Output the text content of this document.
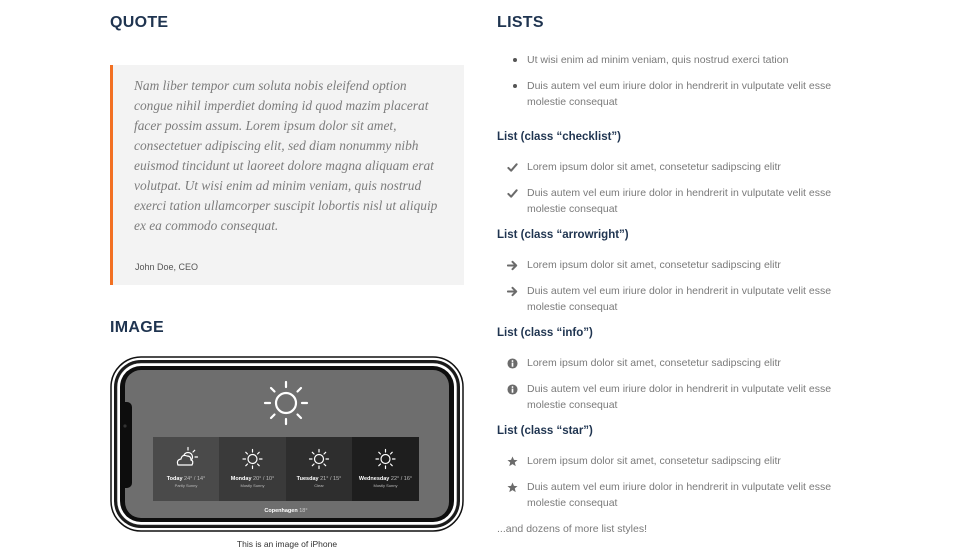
QUOTE

Nam liber tempor cum soluta nobis eleifend option congue nihil imperdiet doming id quod mazim placerat facer possim assum. Lorem ipsum dolor sit amet, consectetuer adipiscing elit, sed diam nonummy nibh euismod tincidunt ut laoreet dolore magna aliquam erat volutpat. Ut wisi enim ad minim veniam, quis nostrud exerci tation ullamcorper suscipit lobortis nisl ut aliquip ex ea commodo consequat.

John Doe, CEO
IMAGE
Today 24° / 14°
Partly Sunny
Monday 20° / 10°
Mostly Sunny
Tuesday 21° / 15°
Clear
Wednesday 22° / 16°
Mostly Sunny
Copenhagen 18°
This is an image of iPhone
LISTS
Ut wisi enim ad minim veniam, quis nostrud exerci tation
Duis autem vel eum iriure dolor in hendrerit in vulputate velit esse molestie consequat
List (class “checklist”)
Lorem ipsum dolor sit amet, consetetur sadipscing elitr
Duis autem vel eum iriure dolor in hendrerit in vulputate velit esse molestie consequat
List (class “arrowright”)
Lorem ipsum dolor sit amet, consetetur sadipscing elitr
Duis autem vel eum iriure dolor in hendrerit in vulputate velit esse molestie consequat
List (class “info”)
Lorem ipsum dolor sit amet, consetetur sadipscing elitr
Duis autem vel eum iriure dolor in hendrerit in vulputate velit esse molestie consequat
List (class “star”)
Lorem ipsum dolor sit amet, consetetur sadipscing elitr
Duis autem vel eum iriure dolor in hendrerit in vulputate velit esse molestie consequat
...and dozens of more list styles!
